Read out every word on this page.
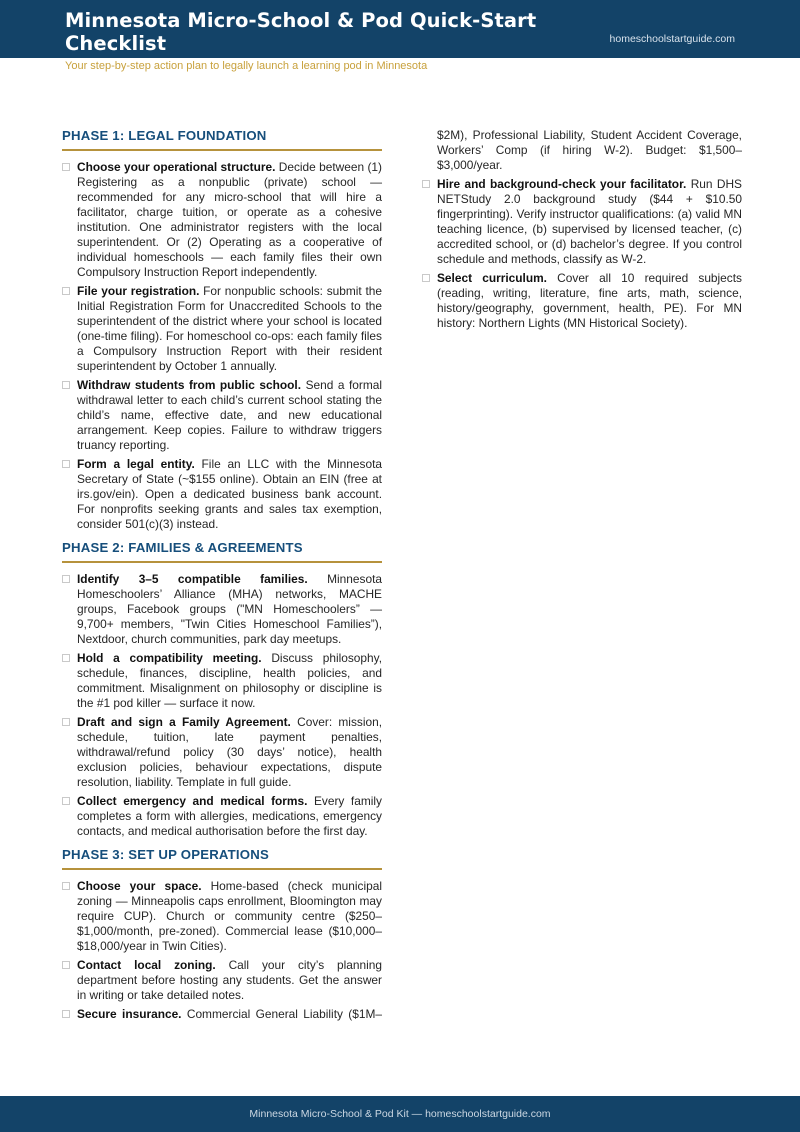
Minnesota Micro-School & Pod Quick-Start Checklist
Your step-by-step action plan to legally launch a learning pod in Minnesota
homeschoolstartguide.com
PHASE 1: LEGAL FOUNDATION
Choose your operational structure. Decide between (1) Registering as a nonpublic (private) school — recommended for any micro-school that will hire a facilitator, charge tuition, or operate as a cohesive institution. One administrator registers with the local superintendent. Or (2) Operating as a cooperative of individual homeschools — each family files their own Compulsory Instruction Report independently.
File your registration. For nonpublic schools: submit the Initial Registration Form for Unaccredited Schools to the superintendent of the district where your school is located (one-time filing). For homeschool co-ops: each family files a Compulsory Instruction Report with their resident superintendent by October 1 annually.
Withdraw students from public school. Send a formal withdrawal letter to each child’s current school stating the child’s name, effective date, and new educational arrangement. Keep copies. Failure to withdraw triggers truancy reporting.
Form a legal entity. File an LLC with the Minnesota Secretary of State (~$155 online). Obtain an EIN (free at irs.gov/ein). Open a dedicated business bank account. For nonprofits seeking grants and sales tax exemption, consider 501(c)(3) instead.
PHASE 2: FAMILIES & AGREEMENTS
Identify 3–5 compatible families. Minnesota Homeschoolers’ Alliance (MHA) networks, MACHE groups, Facebook groups ("MN Homeschoolers” — 9,700+ members, "Twin Cities Homeschool Families”), Nextdoor, church communities, park day meetups.
Hold a compatibility meeting. Discuss philosophy, schedule, finances, discipline, health policies, and commitment. Misalignment on philosophy or discipline is the #1 pod killer — surface it now.
Draft and sign a Family Agreement. Cover: mission, schedule, tuition, late payment penalties, withdrawal/refund policy (30 days’ notice), health exclusion policies, behaviour expectations, dispute resolution, liability. Template in full guide.
Collect emergency and medical forms. Every family completes a form with allergies, medications, emergency contacts, and medical authorisation before the first day.
PHASE 3: SET UP OPERATIONS
Choose your space. Home-based (check municipal zoning — Minneapolis caps enrollment, Bloomington may require CUP). Church or community centre ($250–$1,000/month, pre-zoned). Commercial lease ($10,000–$18,000/year in Twin Cities).
Contact local zoning. Call your city’s planning department before hosting any students. Get the answer in writing or take detailed notes.
Secure insurance. Commercial General Liability ($1M–
$2M), Professional Liability, Student Accident Coverage, Workers’ Comp (if hiring W-2). Budget: $1,500–$3,000/year.
Hire and background-check your facilitator. Run DHS NETStudy 2.0 background study ($44 + $10.50 fingerprinting). Verify instructor qualifications: (a) valid MN teaching licence, (b) supervised by licensed teacher, (c) accredited school, or (d) bachelor’s degree. If you control schedule and methods, classify as W-2.
Select curriculum. Cover all 10 required subjects (reading, writing, literature, fine arts, math, science, history/geography, government, health, PE). For MN history: Northern Lights (MN Historical Society).
Minnesota Micro-School & Pod Kit — homeschoolstartguide.com
